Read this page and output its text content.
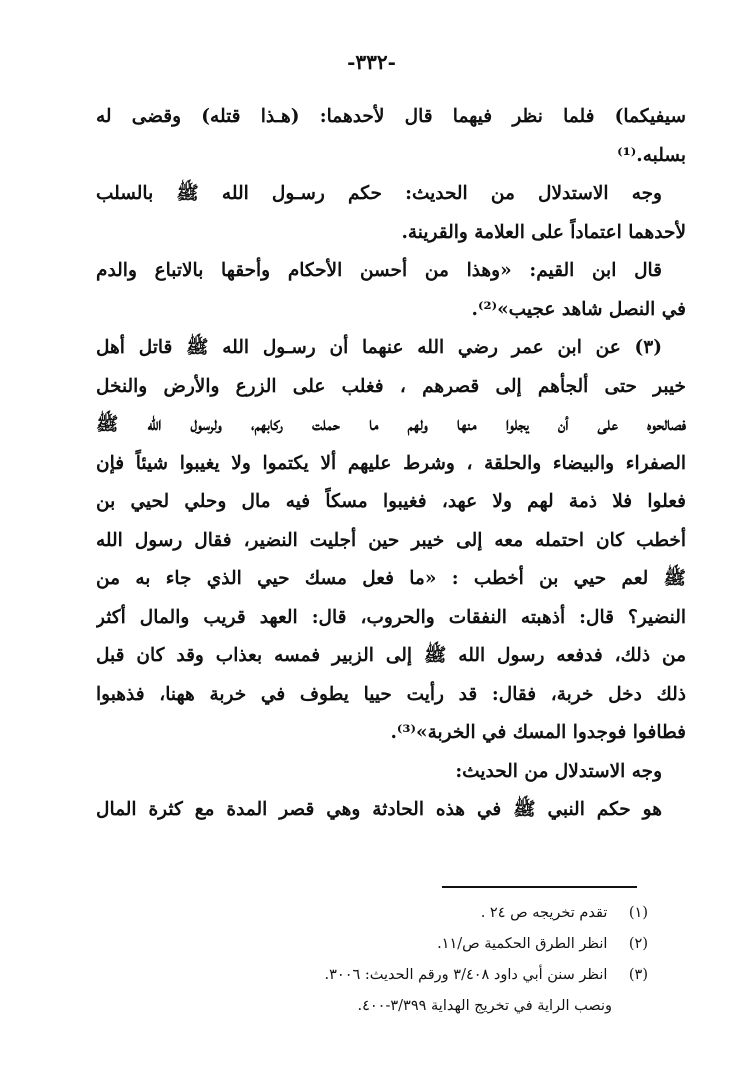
-٣٣٢-
سيفيكما) فلما نظر فيهما قال لأحدهما: (هـذا قتله) وقضى له
بسلبه.⁽¹⁾
وجه الاستدلال من الحديث: حكم رسـول الله ﷺ بالسلب
لأحدهما اعتماداً على العلامة والقرينة.
قال ابن القيم: «وهذا من أحسن الأحكام وأحقها بالاتباع والدم
في النصل شاهد عجيب»⁽²⁾.
(٣) عن ابن عمر رضي الله عنهما أن رسـول الله ﷺ قاتل أهل
خيبر حتى ألجأهم إلى قصرهم ، فغلب على الزرع والأرض والنخل
فصالحوه على أن يجلوا منها ولهم ما حملت ركابهم، ولرسول الله ﷺ
الصفراء والبيضاء والحلقة ، وشرط عليهم ألا يكتموا ولا يغيبوا شيئاً فإن
فعلوا فلا ذمة لهم ولا عهد، فغيبوا مسكاً فيه مال وحلي لحيي بن
أخطب كان احتمله معه إلى خيبر حين أجليت النضير، فقال رسول الله
ﷺ لعم حيي بن أخطب : «ما فعل مسك حيي الذي جاء به من
النضير؟ قال: أذهبته النفقات والحروب، قال: العهد قريب والمال أكثر
من ذلك، فدفعه رسول الله ﷺ إلى الزبير فمسه بعذاب وقد كان قبل
ذلك دخل خربة، فقال: قد رأيت حييا يطوف في خربة ههنا، فذهبوا
فطافوا فوجدوا المسك في الخربة»⁽³⁾.
وجه الاستدلال من الحديث:
هو حكم النبي ﷺ في هذه الحادثة وهي قصر المدة مع كثرة المال
(١) تقدم تخريجه ص ٢٤ .
(٢) انظر الطرق الحكمية ص/١١.
(٣) انظر سنن أبي داود ٣/٤٠٨ ورقم الحديث: ٣٠٠٦.
ونصب الراية في تخريج الهداية ٣/٣٩٩-٤٠٠.
